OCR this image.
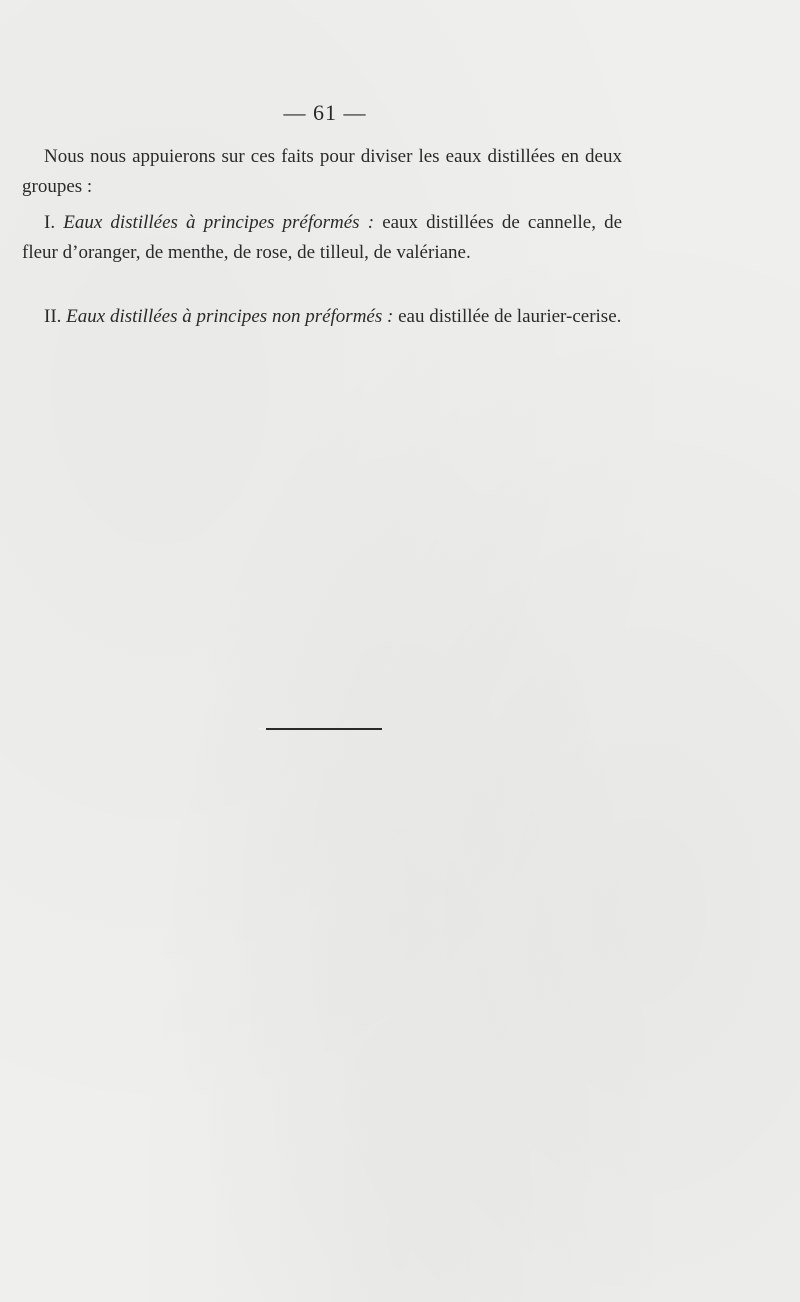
— 61 —
Nous nous appuierons sur ces faits pour diviser les eaux distillées en deux groupes :
I. Eaux distillées à principes préformés : eaux distillées de cannelle, de fleur d’oranger, de menthe, de rose, de tilleul, de valériane.
II. Eaux distillées à principes non préformés : eau distillée de laurier-cerise.
